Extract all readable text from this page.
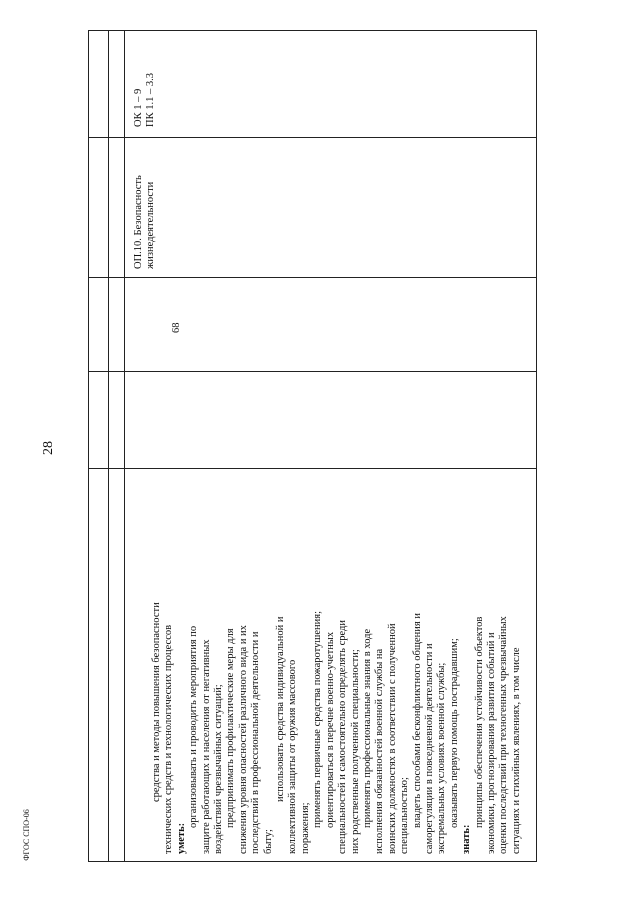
28
ФГОС СПО-06

ОК 1 – 9 ПК 1.1 – 3.3

ОП.10. Безопасность жизнедеятельности

68

средства и методы повышения безопасности технических средств и технологических процессов уметь:

организовывать и проводить мероприятия по защите работающих и населения от негативных воздействий чрезвычайных ситуаций; предпринимать профилактические меры для снижения уровня опасностей различного вида и их последствий в профессиональной деятельности и быту;

использовать средства индивидуальной и коллективной защиты от оружия массового поражения;

применять первичные средства пожаротушения; ориентироваться в перечне военно-учетных специальностей и самостоятельно определять среди них родственные полученной специальности; применять профессиональные знания в ходе исполнения обязанностей военной службы на воинских должностях в соответствии с полученной специальностью; владеть способами бесконфликтного общения и саморегуляции в повседневной деятельности и экстремальных условиях военной службы; оказывать первую помощь пострадавшим;

знать:

принципы обеспечения устойчивости объектов экономики, прогнозирования развития событий и оценки последствий при техногенных чрезвычайных ситуациях и стихийных явлениях, в том числе
